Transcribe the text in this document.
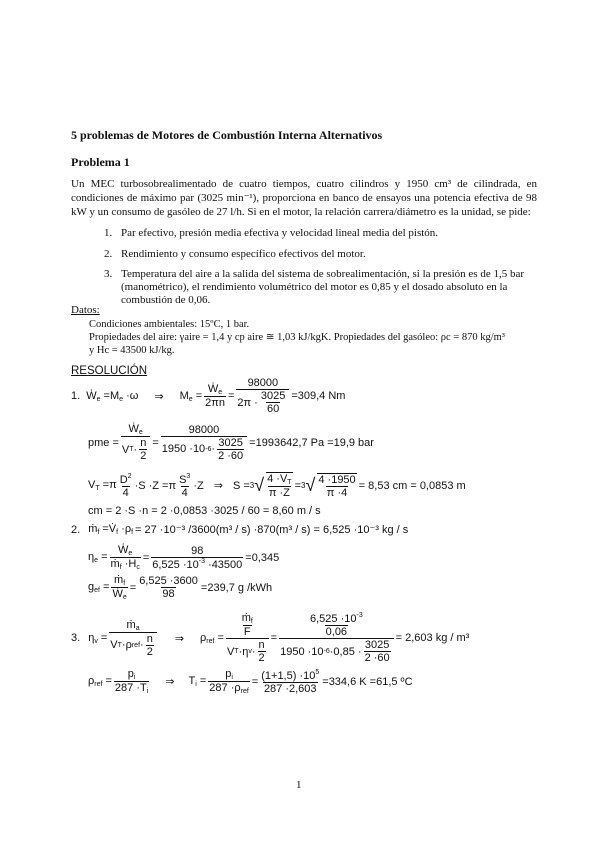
5 problemas de Motores de Combustión Interna Alternativos
Problema 1
Un MEC turbosobrealimentado de cuatro tiempos, cuatro cilindros y 1950 cm³ de cilindrada, en condiciones de máximo par (3025 min⁻¹), proporciona en banco de ensayos una potencia efectiva de 98 kW y un consumo de gasóleo de 27 l/h. Si en el motor, la relación carrera/diámetro es la unidad, se pide:
1. Par efectivo, presión media efectiva y velocidad lineal media del pistón.
2. Rendimiento y consumo específico efectivos del motor.
3. Temperatura del aire a la salida del sistema de sobrealimentación, si la presión es de 1,5 bar (manométrico), el rendimiento volumétrico del motor es 0,85 y el dosado absoluto en la combustión de 0,06.
Datos:
Condiciones ambientales: 15ºC, 1 bar.
Propiedades del aire: γaire = 1,4 y cp aire ≅ 1,03 kJ/kgK. Propiedades del gasóleo: ρc = 870 kg/m³
y Hc = 43500 kJ/kg.
RESOLUCIÓN
1. Ẇ$_e$ $=M_e \cdot\omega$ ⇒ $M_e = \frac{Ẇ_e}{2\pi n} = \frac{98000}{2\pi \cdot \frac{3025}{60}} =309,4$ Nm
pme = $\frac{Ẇ_e}{V T \cdot \frac{n}{2}} = \frac{98000}{1950 \cdot 10 -6 \cdot \frac{3025}{2 \cdot 60}} =1993642,7$ Pa =19,9 bar
$V_T =\pi \frac{D^2}{4} \cdot S \cdot Z =\pi \frac{S^3}{4} \cdot Z$ ⇒ S = 3 √ $\frac{4 \cdot V_T}{\pi \cdot Z} = 3$ √ $\frac{4 \cdot 1950}{\pi \cdot 4} = 8,53$ cm = 0,0853 m
cm = 2 ·S ·n = 2 ·0,0853 ·3025 / 60 = 8,60 m / s
2. ṁ$_f$ $=V̇_f \cdot\rho_f = 27 \cdot 10^{-3}$ /3600(m³ / s) ·870(m³ / s) = 6,525 ·10⁻³ kg / s
$\eta_e = \frac{Ẇ_e}{ṁ_f \cdot H_c} = \frac{98}{6,525 \cdot 10^{-3} \cdot 43500} =0,345$
$g_{ef} = \frac{ṁ_f}{Ẇ_e} = \frac{6,525 \cdot 3600}{98} =239,7$ g /kWh
3. $\eta_v = \frac{ṁ_a}{V T \cdot\rho ref \cdot \frac{n}{2}}$ ⇒ $\rho_{ref} = \frac{\frac{ṁ_f}{F}}{V T \cdot\eta v \cdot \frac{n}{2}} = \frac{\frac{6,525 \cdot 10^{-3}}{0,06}}{1950 \cdot 10 -6 \cdot 0,85 \cdot \frac{3025}{2 \cdot 60}} = 2,603$ kg / m³
$\rho_{ref} = \frac{p_i}{287 \cdot T_i}$ ⇒ $T_i = \frac{p_i}{287 \cdot\rho_{ref}} = \frac{(1+1,5) \cdot 10^5}{287 \cdot 2,603} =334,6$ K =61,5 ºC
1
